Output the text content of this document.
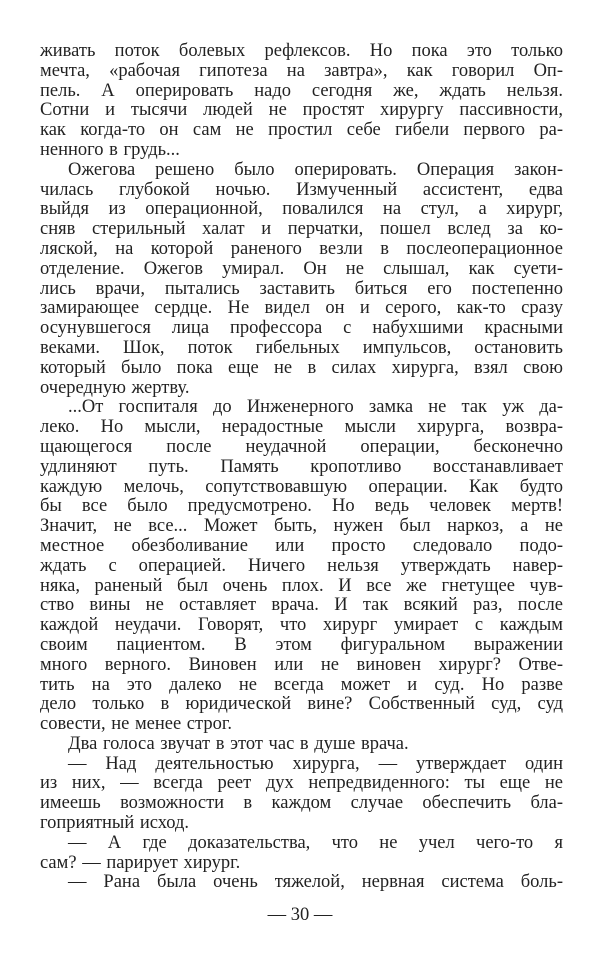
живать поток болевых рефлексов. Но пока это только
мечта, «рабочая гипотеза на завтра», как говорил Оп-
пель. А оперировать надо сегодня же, ждать нельзя.
Сотни и тысячи людей не простят хирургу пассивности,
как когда-то он сам не простил себе гибели первого ра-
ненного в грудь...
Ожегова решено было оперировать. Операция закон-
чилась глубокой ночью. Измученный ассистент, едва
выйдя из операционной, повалился на стул, а хирург,
сняв стерильный халат и перчатки, пошел вслед за ко-
ляской, на которой раненого везли в послеоперационное
отделение. Ожегов умирал. Он не слышал, как суети-
лись врачи, пытались заставить биться его постепенно
замирающее сердце. Не видел он и серого, как-то сразу
осунувшегося лица профессора с набухшими красными
веками. Шок, поток гибельных импульсов, остановить
который было пока еще не в силах хирурга, взял свою
очередную жертву.
...От госпиталя до Инженерного замка не так уж да-
леко. Но мысли, нерадостные мысли хирурга, возвра-
щающегося после неудачной операции, бесконечно
удлиняют путь. Память кропотливо восстанавливает
каждую мелочь, сопутствовавшую операции. Как будто
бы все было предусмотрено. Но ведь человек мертв!
Значит, не все... Может быть, нужен был наркоз, а не
местное обезболивание или просто следовало подо-
ждать с операцией. Ничего нельзя утверждать навер-
няка, раненый был очень плох. И все же гнетущее чув-
ство вины не оставляет врача. И так всякий раз, после
каждой неудачи. Говорят, что хирург умирает с каждым
своим пациентом. В этом фигуральном выражении
много верного. Виновен или не виновен хирург? Отве-
тить на это далеко не всегда может и суд. Но разве
дело только в юридической вине? Собственный суд, суд
совести, не менее строг.
Два голоса звучат в этот час в душе врача.
— Над деятельностью хирурга, — утверждает один
из них, — всегда реет дух непредвиденного: ты еще не
имеешь возможности в каждом случае обеспечить бла-
гоприятный исход.
— А где доказательства, что не учел чего-то я
сам? — парирует хирург.
— Рана была очень тяжелой, нервная система боль-
— 30 —
